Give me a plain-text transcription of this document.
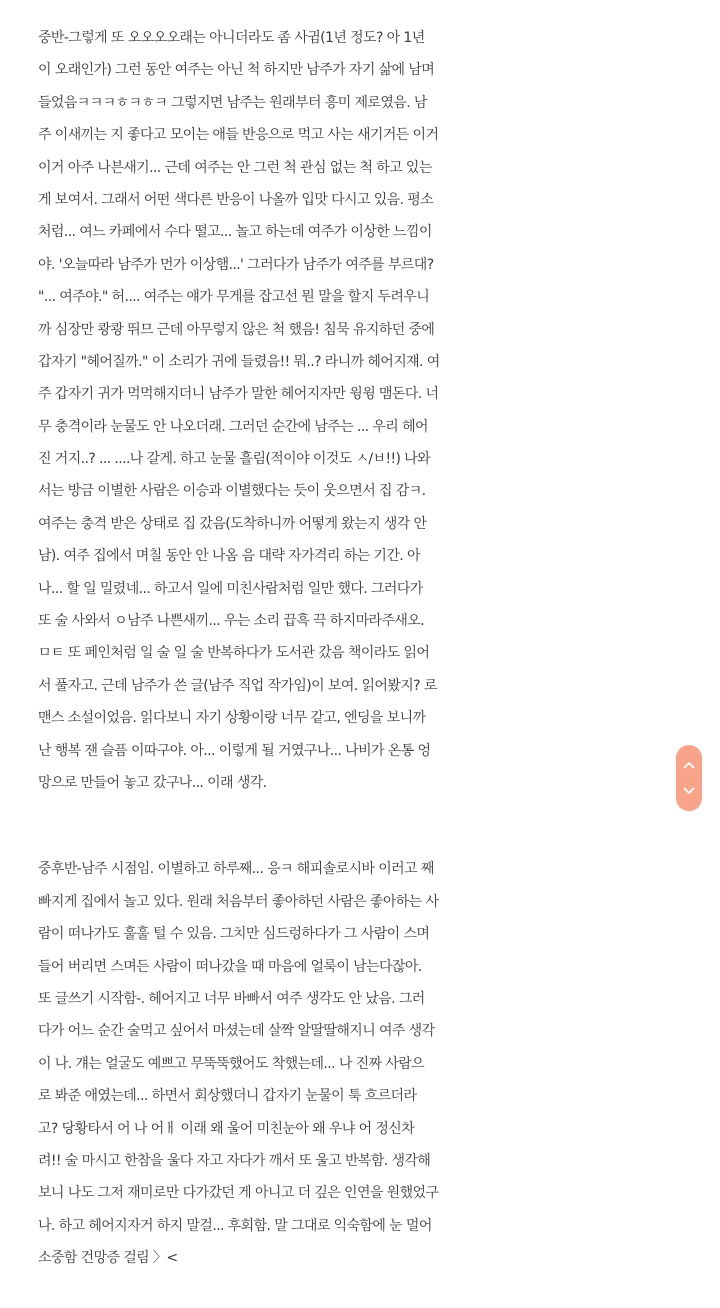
중반-그렇게 또 오오오오래는 아니더라도 좀 사귐(1년 정도? 아 1년
이 오래인가) 그런 동안 여주는 아닌 척 하지만 남주가 자기 삶에 남며
들었음ㅋㅋㅋㅎㅋㅎㅋ 그렇지면 남주는 원래부터 흥미 제로였음. 남
주 이새끼는 지 좋다고 모이는 애들 반응으로 먹고 사는 새기거든 이거
이거 아주 나븐새기... 근데 여주는 안 그런 척 관심 없는 척 하고 있는
게 보여서. 그래서 어떤 색다른 반응이 나올까 입맛 다시고 있음. 평소
처럼... 여느 카페에서 수다 떨고... 놀고 하는데 여주가 이상한 느낌이
야. '오늘따라 남주가 먼가 이상햄...' 그러다가 남주가 여주를 부르대?
"... 여주야." 허.... 여주는 얘가 무게를 잡고선 뭔 말을 할지 두려우니
까 심장만 쾅쾅 뛰므 근데 아무렇지 않은 척 했음! 침묵 유지하던 중에
갑자기 "헤어질까." 이 소리가 귀에 들렸음!! 뭐..? 라니까 헤어지쟤. 여
주 갑자기 귀가 먹먹해지더니 남주가 말한 헤어지자만 윙윙 맴돈다. 너
무 충격이라 눈물도 안 나오더래. 그러던 순간에 남주는 ... 우리 헤어
진 거지..? ... ....나 갈게. 하고 눈물 흘림(적이야 이것도 ㅅ/ㅂ!!) 나와
서는 방금 이별한 사람은 이승과 이별했다는 듯이 웃으면서 집 감ㅋ.
여주는 충격 받은 상태로 집 갔음(도착하니까 어떻게 왔는지 생각 안
남). 여주 집에서 며칠 동안 안 나옴 음 대략 자가격리 하는 기간. 아
나... 할 일 밀렸네... 하고서 일에 미친사람처럼 일만 했다. 그러다가
또 술 사와서 ㅇ남주 나쁜새끼... 우는 소리 끕흑 끅 하지마라주새오.
ㅁㅌ 또 페인처럼 일 술 일 술 반복하다가 도서관 갔음 책이라도 읽어
서 풀자고. 근데 남주가 쓴 글(남주 직업 작가임)이 보여. 읽어봤지? 로
맨스 소설이었음. 읽다보니 자기 상황이랑 너무 같고, 엔딩을 보니까
난 행복 잰 슬픔 이따구야. 아... 이렇게 될 거였구나... 나비가 온통 엉
망으로 만들어 놓고 갔구나... 이래 생각.
중후반-남주 시점임. 이별하고 하루째... 응ㅋ 해피솔로시바 이러고 째
빠지게 집에서 놀고 있다. 원래 처음부터 좋아하던 사람은 좋아하는 사
람이 떠나가도 훌훌 털 수 있음. 그치만 심드렁하다가 그 사람이 스며
들어 버리면 스며든 사람이 떠나갔을 때 마음에 얼룩이 남는다잖아.
또 글쓰기 시작함-. 헤어지고 너무 바빠서 여주 생각도 안 났음. 그러
다가 어느 순간 술먹고 싶어서 마셨는데 살짝 알딸딸해지니 여주 생각
이 나. 걔는 얼굴도 예쁘고 무뚝뚝했어도 착했는데... 나 진짜 사람으
로 봐준 애였는데... 하면서 회상했더니 갑자기 눈물이 툭 흐르더라
고? 당황타서 어 나 어ㅐ 이래 왜 울어 미친눈아 왜 우냐 어 정신차
려!! 술 마시고 한참을 울다 자고 자다가 깨서 또 울고 반복함. 생각해
보니 나도 그저 재미로만 다가갔던 게 아니고 더 깊은 인연을 원했었구
나. 하고 헤어지자거 하지 말걸... 후회함. 말 그대로 익숙함에 눈 멀어
소중함 건망증 걸림 〉<
